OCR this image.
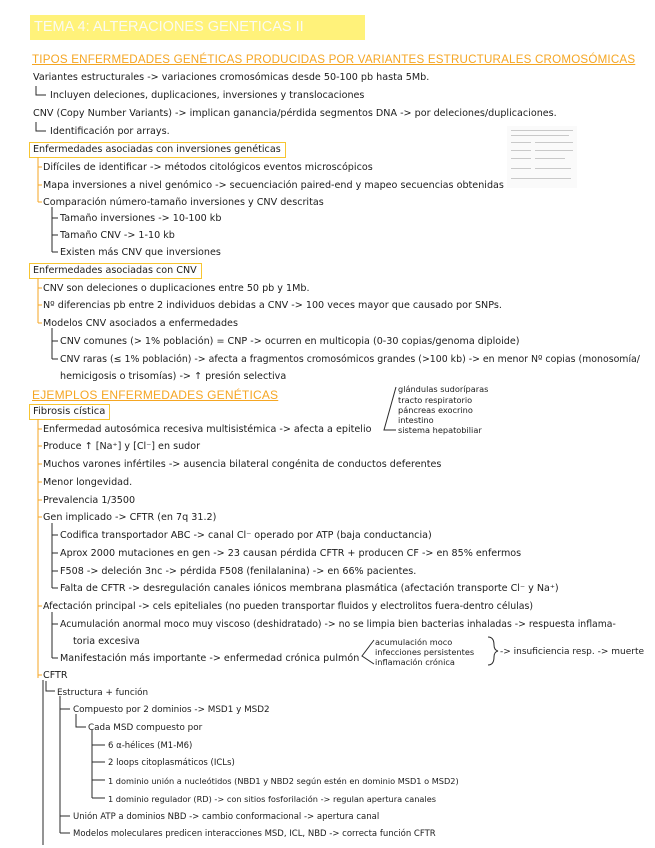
TEMA 4: ALTERACIONES GENETICAS II
TIPOS ENFERMEDADES GENÉTICAS PRODUCIDAS POR VARIANTES ESTRUCTURALES CROMOSÓMICAS
Variantes estructurales -> variaciones cromosómicas desde 50-100 pb hasta 5Mb.
Incluyen deleciones, duplicaciones, inversiones y translocaciones
CNV (Copy Number Variants) -> implican ganancia/pérdida segmentos DNA -> por deleciones/duplicaciones.
Identificación por arrays.
Enfermedades asociadas con inversiones genéticas
Difíciles de identificar -> métodos citológicos eventos microscópicos
Mapa inversiones a nivel genómico -> secuenciación paired-end y mapeo secuencias obtenidas
Comparación número-tamaño inversiones y CNV descritas
Tamaño inversiones -> 10-100 kb
Tamaño CNV -> 1-10 kb
Existen más CNV que inversiones
Enfermedades asociadas con CNV
CNV son deleciones o duplicaciones entre 50 pb y 1Mb.
Nº diferencias pb entre 2 individuos debidas a CNV -> 100 veces mayor que causado por SNPs.
Modelos CNV asociados a enfermedades
CNV comunes (> 1% población) = CNP -> ocurren en multicopia (0-30 copias/genoma diploide)
CNV raras (≤ 1% población) -> afecta a fragmentos cromosómicos grandes (>100 kb) -> en menor Nº copias (monosomía/
hemicigosis o trisomías) -> ↑ presión selectiva
EJEMPLOS ENFERMEDADES GENÉTICAS	glándulas sudoríparas
tracto respiratorio
páncreas exocrino
intestino
sistema hepatobiliar
Fibrosis cística
Enfermedad autosómica recesiva multisistémica -> afecta a epitelio
Produce ↑ [Na⁺] y [Cl⁻] en sudor
Muchos varones infértiles -> ausencia bilateral congénita de conductos deferentes
Menor longevidad.
Prevalencia 1/3500
Gen implicado -> CFTR (en 7q 31.2)
Codifica transportador ABC -> canal Cl⁻ operado por ATP (baja conductancia)
Aprox 2000 mutaciones en gen -> 23 causan pérdida CFTR + producen CF -> en 85% enfermos
F508 -> deleción 3nc -> pérdida F508 (fenilalanina) -> en 66% pacientes.
Falta de CFTR -> desregulación canales iónicos membrana plasmática (afectación transporte Cl⁻ y Na⁺)
Afectación principal -> cels epiteliales (no pueden transportar fluidos y electrolitos fuera-dentro células)
Acumulación anormal moco muy viscoso (deshidratado) -> no se limpia bien bacterias inhaladas -> respuesta inflama-
toria excesiva
Manifestación más importante -> enfermedad crónica pulmón
acumulación moco
infecciones persistentes
inflamación crónica
-> insuficiencia resp. -> muerte
CFTR
Estructura + función
Compuesto por 2 dominios -> MSD1 y MSD2
Cada MSD compuesto por
6 α-hélices (M1-M6)
2 loops citoplasmáticos (ICLs)
1 dominio unión a nucleótidos (NBD1 y NBD2 según estén en dominio MSD1 o MSD2)
1 dominio regulador (RD) -> con sitios fosforilación -> regulan apertura canales
Unión ATP a dominios NBD -> cambio conformacional -> apertura canal
Modelos moleculares predicen interacciones MSD, ICL, NBD -> correcta función CFTR
